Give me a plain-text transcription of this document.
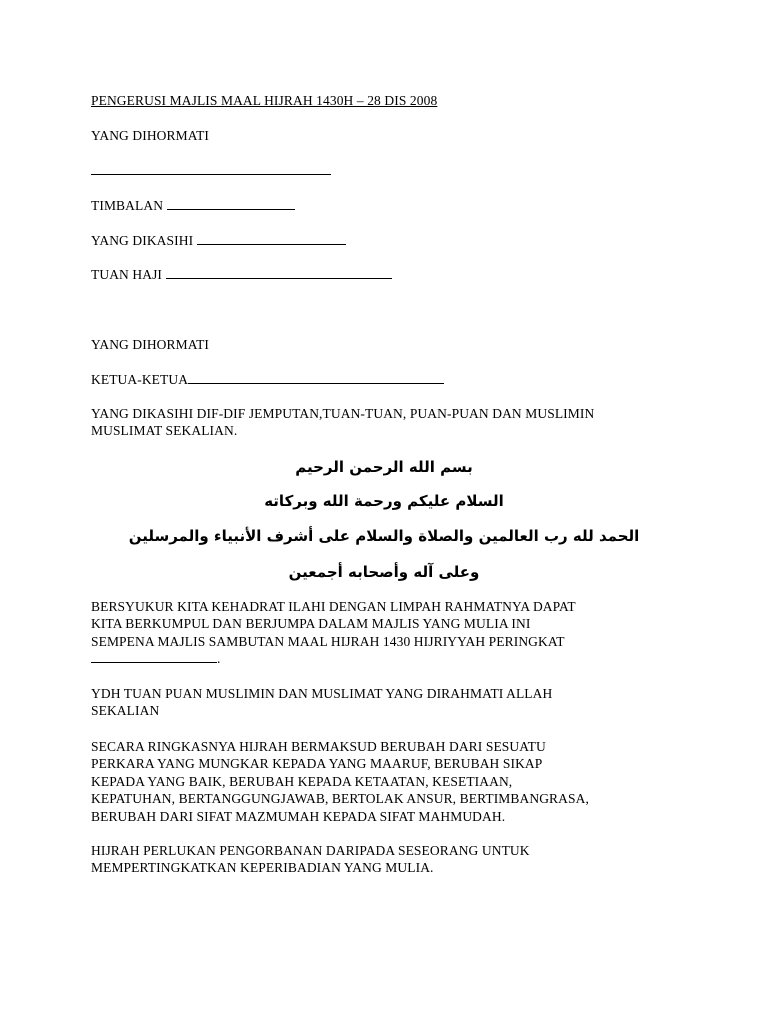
PENGERUSI MAJLIS MAAL HIJRAH 1430H – 28 DIS 2008
YANG DIHORMATI
TIMBALAN
YANG DIKASIHI
TUAN HAJI
YANG DIHORMATI
KETUA-KETUA
YANG DIKASIHI DIF-DIF JEMPUTAN,TUAN-TUAN, PUAN-PUAN DAN MUSLIMIN
MUSLIMAT SEKALIAN.
بسم الله الرحمن الرحيم
السلام عليكم ورحمة الله وبركاته
الحمد لله رب العالمين والصلاة والسلام على أشرف الأنبياء والمرسلين
وعلى آله وأصحابه أجمعين
BERSYUKUR KITA KEHADRAT ILAHI DENGAN LIMPAH RAHMATNYA DAPAT
KITA BERKUMPUL DAN BERJUMPA DALAM MAJLIS YANG MULIA INI
SEMPENA MAJLIS SAMBUTAN MAAL HIJRAH 1430 HIJRIYYAH PERINGKAT
.
YDH TUAN PUAN MUSLIMIN DAN MUSLIMAT YANG DIRAHMATI ALLAH
SEKALIAN
SECARA RINGKASNYA HIJRAH BERMAKSUD BERUBAH DARI SESUATU
PERKARA YANG MUNGKAR KEPADA YANG MAARUF, BERUBAH SIKAP
KEPADA YANG BAIK, BERUBAH KEPADA KETAATAN, KESETIAAN,
KEPATUHAN, BERTANGGUNGJAWAB, BERTOLAK ANSUR, BERTIMBANGRASA,
BERUBAH DARI SIFAT MAZMUMAH KEPADA SIFAT MAHMUDAH.
HIJRAH PERLUKAN PENGORBANAN DARIPADA SESEORANG UNTUK
MEMPERTINGKATKAN KEPERIBADIAN YANG MULIA.
